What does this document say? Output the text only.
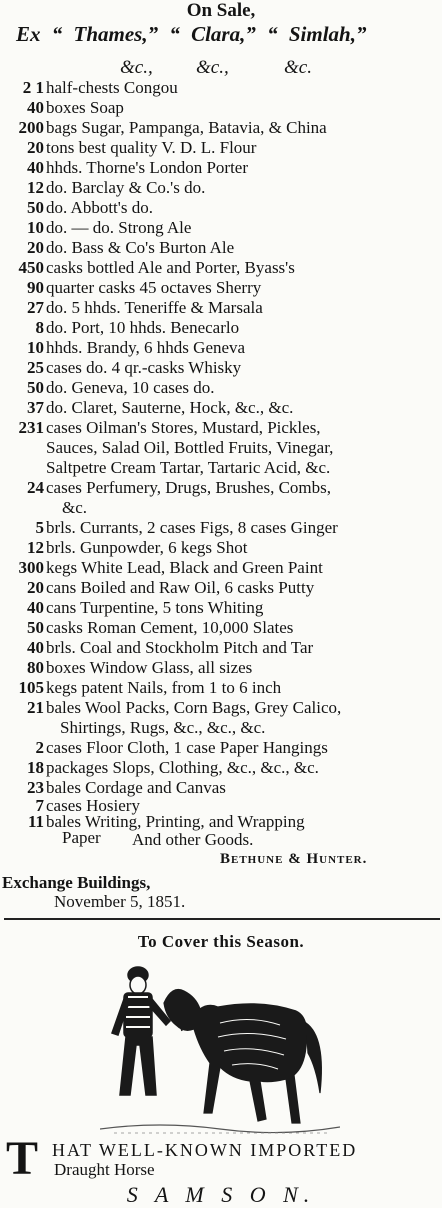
On Sale,
Ex “ Thames,” “ Clara,” “ Simlah,”
&c., &c.,	&c.
2 1 half-chests Congou
40 boxes Soap
200 bags Sugar, Pampanga, Batavia, & China
20 tons best quality V. D. L. Flour
40 hhds. Thorne's London Porter
12 do. Barclay & Co.'s do.
50 do. Abbott's do.
10 do. — do. Strong Ale
20 do. Bass & Co's Burton Ale
450 casks bottled Ale and Porter, Byass's
90 quarter casks 45 octaves Sherry
27 do. 5 hhds. Teneriffe & Marsala
8 do. Port, 10 hhds. Benecarlo
10 hhds. Brandy, 6 hhds Geneva
25 cases do. 4 qr.-casks Whisky
50 do. Geneva, 10 cases do.
37 do. Claret, Sauterne, Hock, &c., &c.
231 cases Oilman's Stores, Mustard, Pickles,
Sauces, Salad Oil, Bottled Fruits, Vinegar,
Saltpetre Cream Tartar, Tartaric Acid, &c.
24 cases Perfumery, Drugs, Brushes, Combs,
&c.
5 brls. Currants, 2 cases Figs, 8 cases Ginger
12 brls. Gunpowder, 6 kegs Shot
300 kegs White Lead, Black and Green Paint
20 cans Boiled and Raw Oil, 6 casks Putty
40 cans Turpentine, 5 tons Whiting
50 casks Roman Cement, 10,000 Slates
40 brls. Coal and Stockholm Pitch and Tar
80 boxes Window Glass, all sizes
105 kegs patent Nails, from 1 to 6 inch
21 bales Wool Packs, Corn Bags, Grey Calico,
Shirtings, Rugs, &c., &c., &c.
2 cases Floor Cloth, 1 case Paper Hangings
18 packages Slops, Clothing, &c., &c., &c.
23 bales Cordage and Canvas
7 cases Hosiery
11 bales Writing, Printing, and Wrapping
Paper And other Goods.
Bethune & Hunter.
Exchange Buildings,
November 5, 1851.
To Cover this Season.
T HAT WELL-KNOWN IMPORTED
Draught Horse
S A M S O N.
